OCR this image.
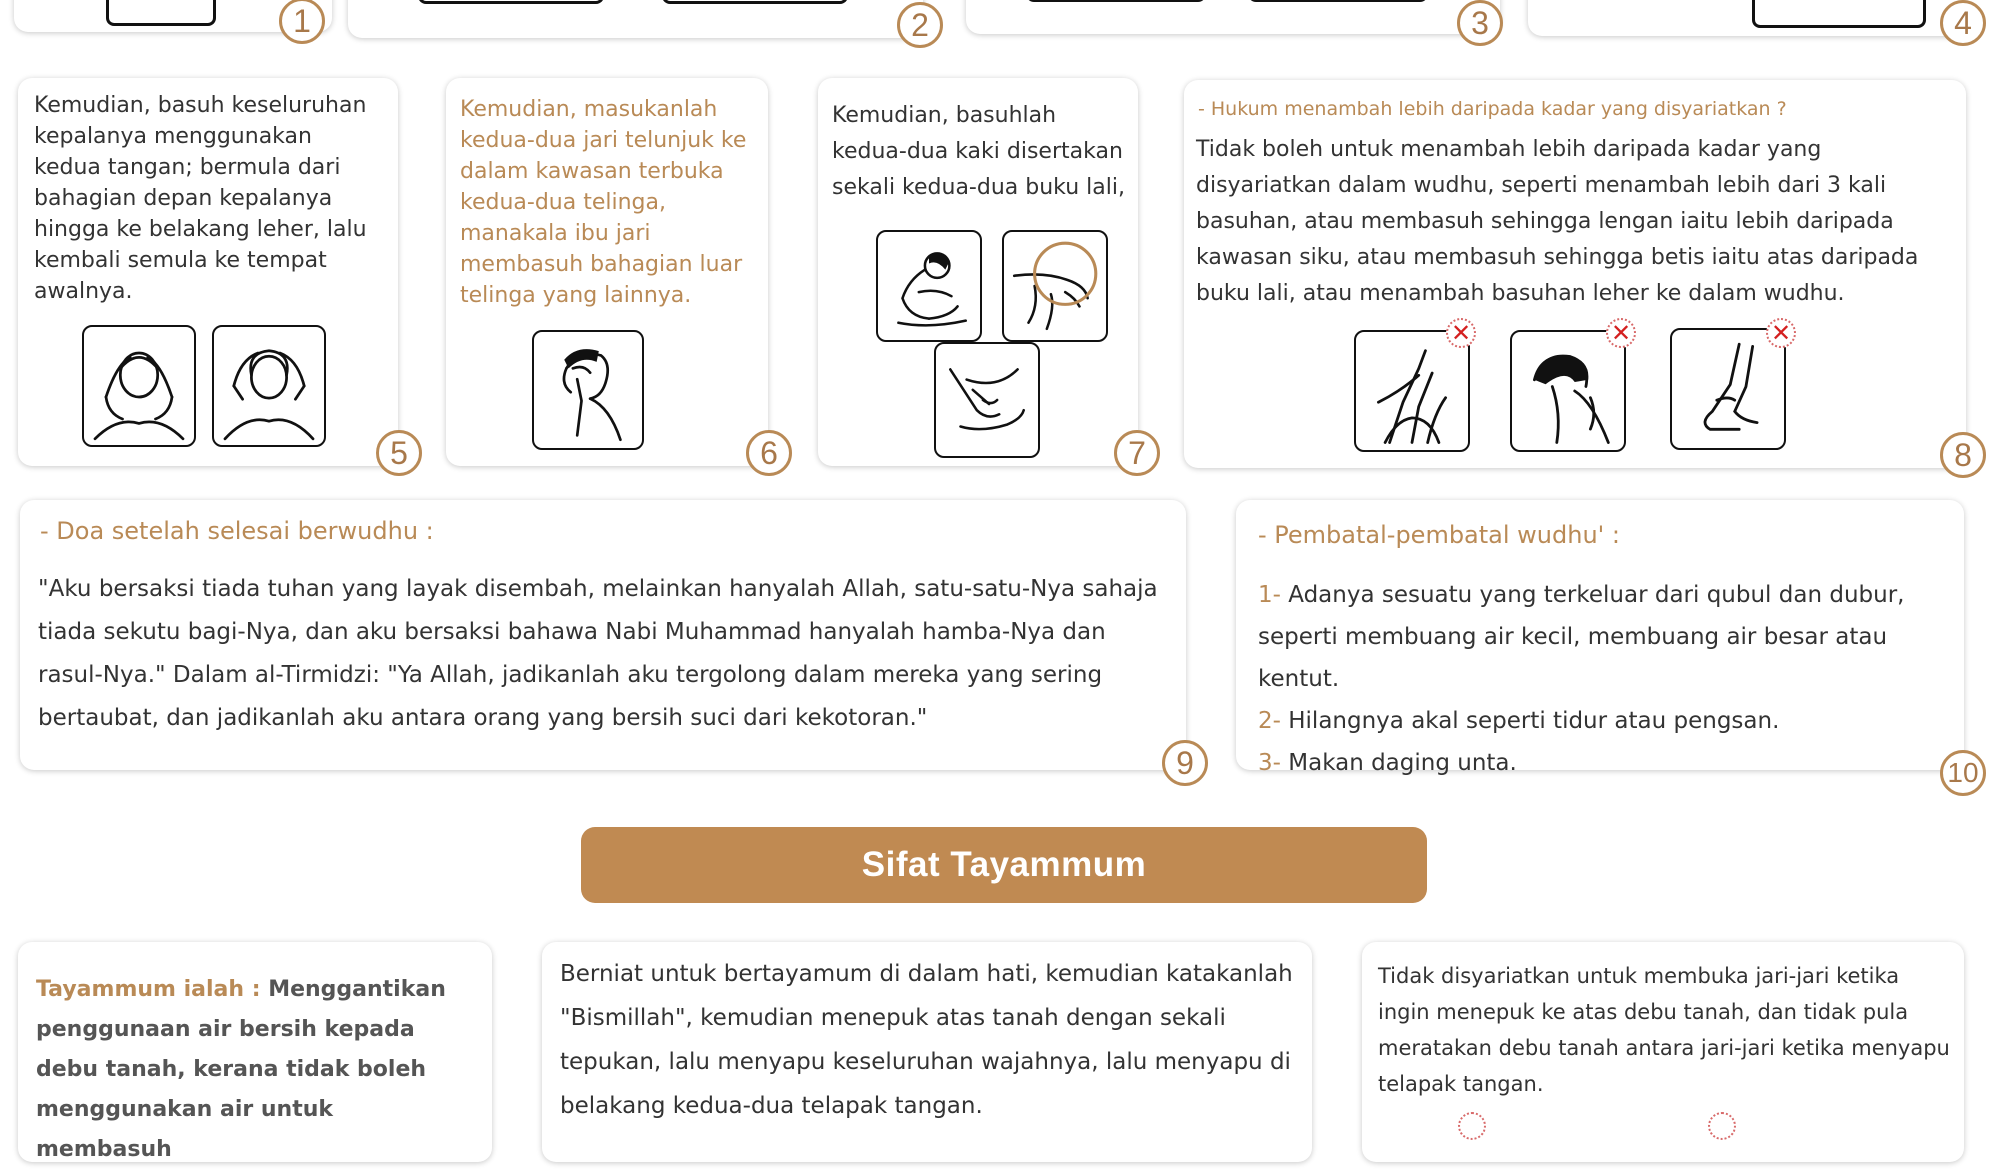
1	2	3	4
Kemudian, basuh keseluruhan kepalanya menggunakan kedua tangan; bermula dari bahagian depan kepalanya hingga ke belakang leher, lalu kembali semula ke tempat awalnya.
5
Kemudian, masukanlah kedua-dua jari telunjuk ke dalam kawasan terbuka kedua-dua telinga, manakala ibu jari membasuh bahagian luar telinga yang lainnya.
6
Kemudian, basuhlah kedua-dua kaki disertakan sekali kedua-dua buku lali,
7
- Hukum menambah lebih daripada kadar yang disyariatkan ?
Tidak boleh untuk menambah lebih daripada kadar yang disyariatkan dalam wudhu, seperti menambah lebih dari 3 kali basuhan, atau membasuh sehingga lengan iaitu lebih daripada kawasan siku, atau membasuh sehingga betis iaitu atas daripada buku lali, atau menambah basuhan leher ke dalam wudhu.
✕	✕	✕
8
- Doa setelah selesai berwudhu :
"Aku bersaksi tiada tuhan yang layak disembah, melainkan hanyalah Allah, satu-satu-Nya sahaja tiada sekutu bagi-Nya, dan aku bersaksi bahawa Nabi Muhammad hanyalah hamba-Nya dan rasul-Nya." Dalam al-Tirmidzi: "Ya Allah, jadikanlah aku tergolong dalam mereka yang sering bertaubat, dan jadikanlah aku antara orang yang bersih suci dari kekotoran."
9
- Pembatal-pembatal wudhu' :
1- Adanya sesuatu yang terkeluar dari qubul dan dubur, seperti membuang air kecil, membuang air besar atau kentut.
2- Hilangnya akal seperti tidur atau pengsan.
3- Makan daging unta.	10
Sifat Tayammum
Tayammum ialah : Menggantikan penggunaan air bersih kepada debu tanah, kerana tidak boleh menggunakan air untuk membasuh
Berniat untuk bertayamum di dalam hati, kemudian katakanlah "Bismillah", kemudian menepuk atas tanah dengan sekali tepukan, lalu menyapu keseluruhan wajahnya, lalu menyapu di belakang kedua-dua telapak tangan.
Tidak disyariatkan untuk membuka jari-jari ketika ingin menepuk ke atas debu tanah, dan tidak pula meratakan debu tanah antara jari-jari ketika menyapu telapak tangan.
